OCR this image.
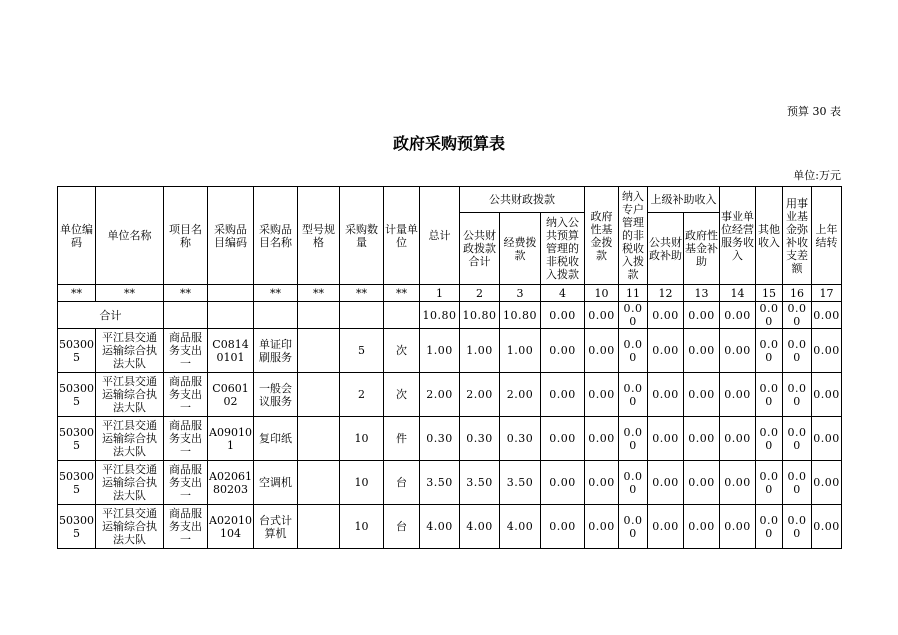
预算 30 表
政府采购预算表
单位:万元
单位编码	单位名称	项目名称	采购品目编码	采购品目名称	型号规格	采购数量	计量单位	总计	公共财政拨款			政府性基金拨款	纳入专户管理的非税收入拨款	上级补助收入		事业单位经营服务收入	其他收入	用事业基金弥补收支差额	上年结转
									公共财政拨款合计	经费拨款	纳入公共预算管理的非税收入拨款			公共财政补助	政府性基金补助				
**	**	**		**	**	**	**	1	2	3	4	10	11	12	13	14	15	16	17
合计								10.80	10.80	10.80	0.00	0.00	0.00	0.00	0.00	0.00	0.00	0.00	0.00
503005	平江县交通运输综合执法大队	商品服务支出一	C08140101	单证印刷服务		5	次	1.00	1.00	1.00	0.00	0.00	0.00	0.00	0.00	0.00	0.00	0.00	0.00
503005	平江县交通运输综合执法大队	商品服务支出一	C060102	一般会议服务		2	次	2.00	2.00	2.00	0.00	0.00	0.00	0.00	0.00	0.00	0.00	0.00	0.00
503005	平江县交通运输综合执法大队	商品服务支出一	A090101	复印纸		10	件	0.30	0.30	0.30	0.00	0.00	0.00	0.00	0.00	0.00	0.00	0.00	0.00
503005	平江县交通运输综合执法大队	商品服务支出一	A0206180203	空调机		10	台	3.50	3.50	3.50	0.00	0.00	0.00	0.00	0.00	0.00	0.00	0.00	0.00
503005	平江县交通运输综合执法大队	商品服务支出一	A02010104	台式计算机		10	台	4.00	4.00	4.00	0.00	0.00	0.00	0.00	0.00	0.00	0.00	0.00	0.00
